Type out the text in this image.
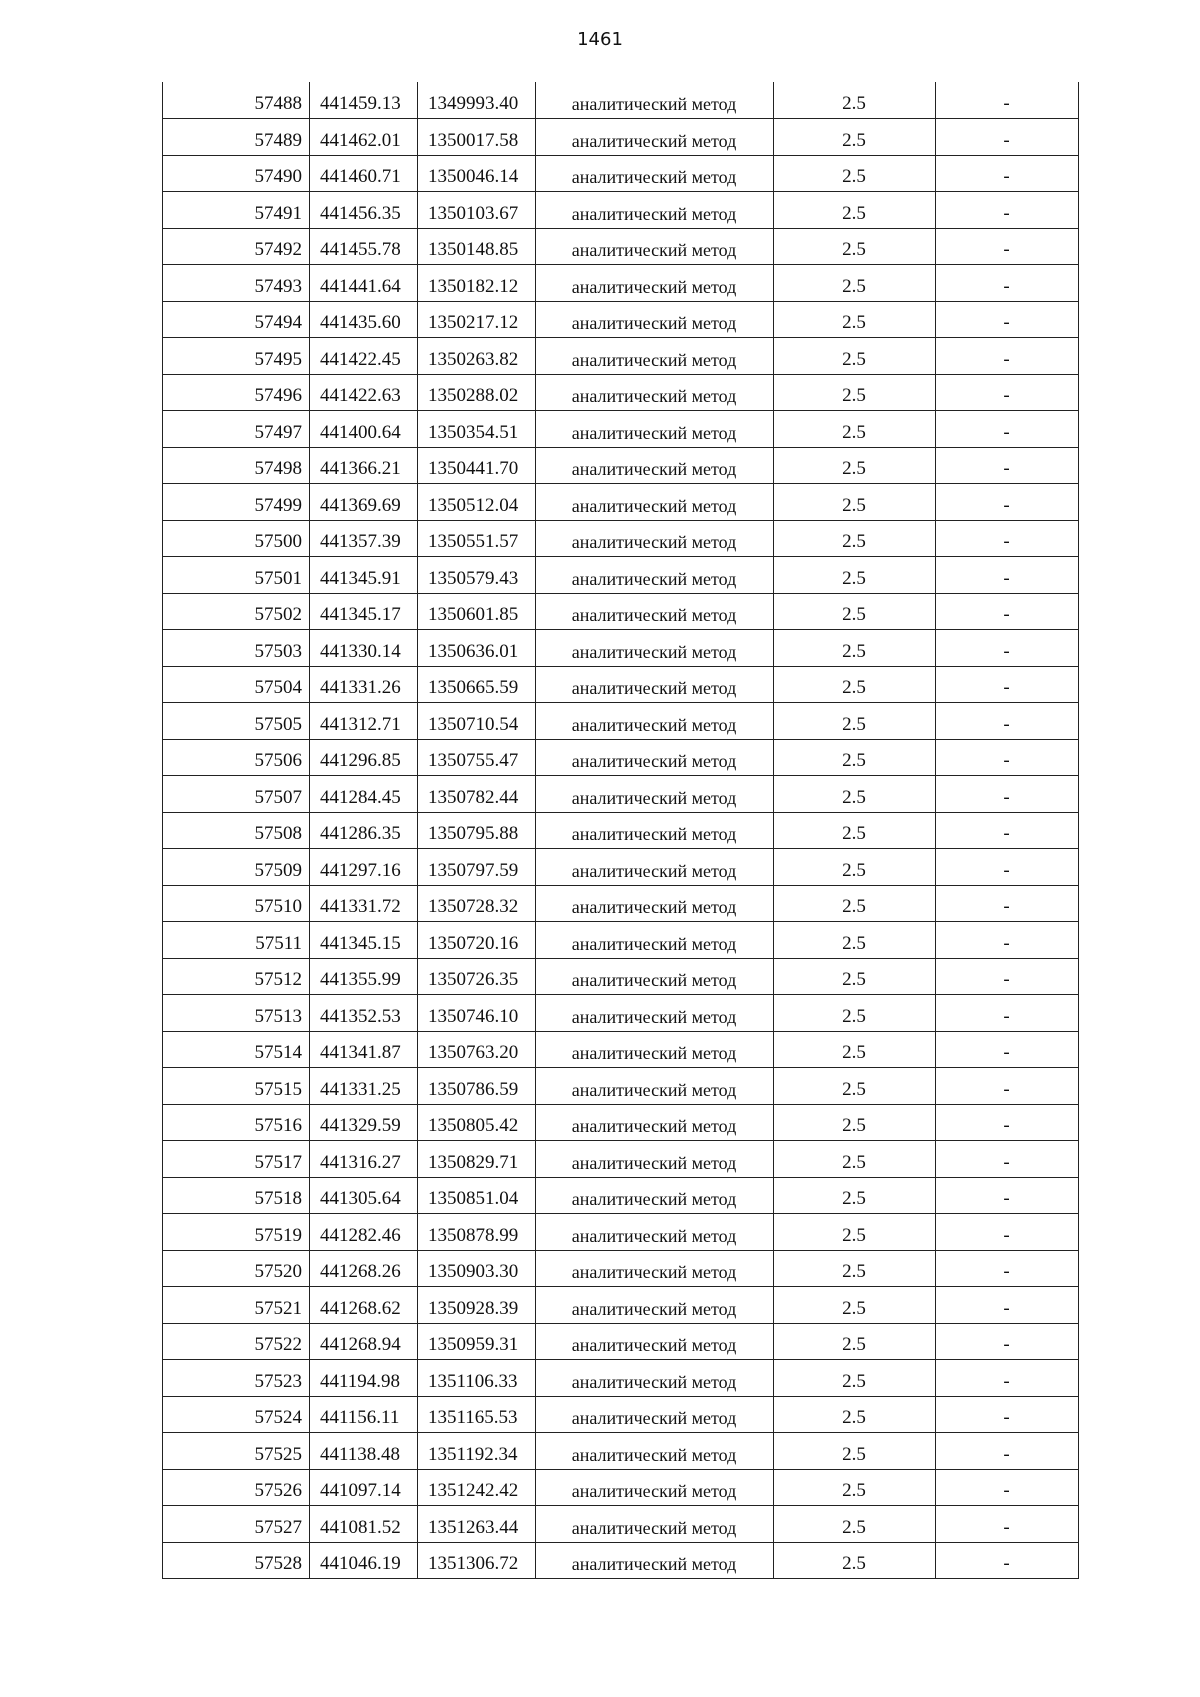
1461
57488	441459.13	1349993.40	аналитический метод	2.5	-
57489	441462.01	1350017.58	аналитический метод	2.5	-
57490	441460.71	1350046.14	аналитический метод	2.5	-
57491	441456.35	1350103.67	аналитический метод	2.5	-
57492	441455.78	1350148.85	аналитический метод	2.5	-
57493	441441.64	1350182.12	аналитический метод	2.5	-
57494	441435.60	1350217.12	аналитический метод	2.5	-
57495	441422.45	1350263.82	аналитический метод	2.5	-
57496	441422.63	1350288.02	аналитический метод	2.5	-
57497	441400.64	1350354.51	аналитический метод	2.5	-
57498	441366.21	1350441.70	аналитический метод	2.5	-
57499	441369.69	1350512.04	аналитический метод	2.5	-
57500	441357.39	1350551.57	аналитический метод	2.5	-
57501	441345.91	1350579.43	аналитический метод	2.5	-
57502	441345.17	1350601.85	аналитический метод	2.5	-
57503	441330.14	1350636.01	аналитический метод	2.5	-
57504	441331.26	1350665.59	аналитический метод	2.5	-
57505	441312.71	1350710.54	аналитический метод	2.5	-
57506	441296.85	1350755.47	аналитический метод	2.5	-
57507	441284.45	1350782.44	аналитический метод	2.5	-
57508	441286.35	1350795.88	аналитический метод	2.5	-
57509	441297.16	1350797.59	аналитический метод	2.5	-
57510	441331.72	1350728.32	аналитический метод	2.5	-
57511	441345.15	1350720.16	аналитический метод	2.5	-
57512	441355.99	1350726.35	аналитический метод	2.5	-
57513	441352.53	1350746.10	аналитический метод	2.5	-
57514	441341.87	1350763.20	аналитический метод	2.5	-
57515	441331.25	1350786.59	аналитический метод	2.5	-
57516	441329.59	1350805.42	аналитический метод	2.5	-
57517	441316.27	1350829.71	аналитический метод	2.5	-
57518	441305.64	1350851.04	аналитический метод	2.5	-
57519	441282.46	1350878.99	аналитический метод	2.5	-
57520	441268.26	1350903.30	аналитический метод	2.5	-
57521	441268.62	1350928.39	аналитический метод	2.5	-
57522	441268.94	1350959.31	аналитический метод	2.5	-
57523	441194.98	1351106.33	аналитический метод	2.5	-
57524	441156.11	1351165.53	аналитический метод	2.5	-
57525	441138.48	1351192.34	аналитический метод	2.5	-
57526	441097.14	1351242.42	аналитический метод	2.5	-
57527	441081.52	1351263.44	аналитический метод	2.5	-
57528	441046.19	1351306.72	аналитический метод	2.5	-
